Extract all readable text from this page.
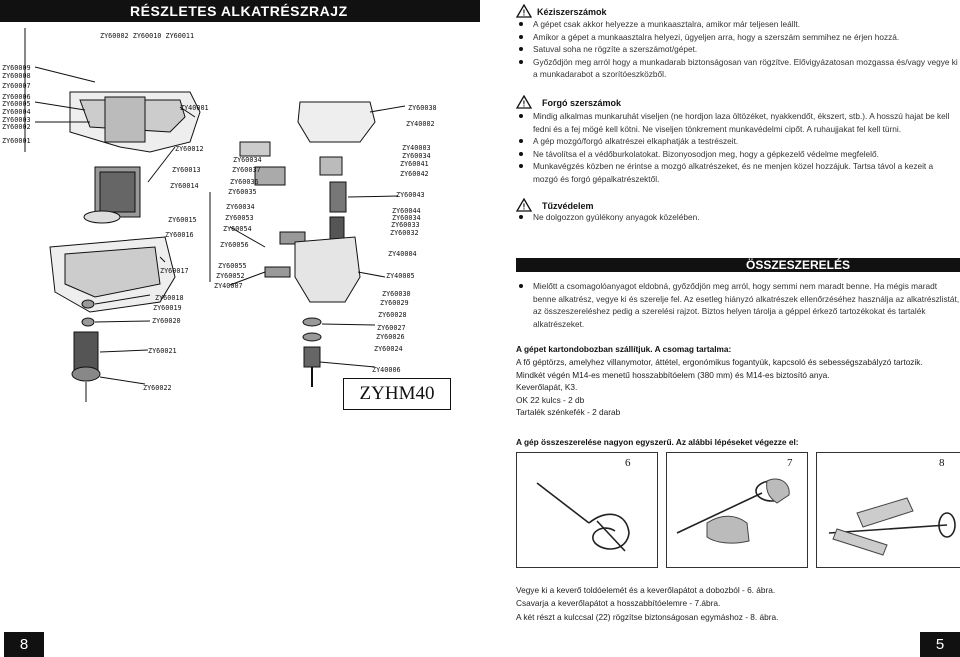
RÉSZLETES ALKATRÉSZRAJZ
ZY60002 ZY60010 ZY60011
ZY60009
ZY60008
ZY60007
ZY60006
ZY60005
ZY60004
ZY60003
ZY60002
ZY60001
ZY40001
ZY60012
ZY60013
ZY60014
ZY60015
ZY60016
ZY60017
ZY60018
ZY60019
ZY60020
ZY60021
ZY60022
ZY60034
ZY60037
ZY60036
ZY60035
ZY60034
ZY60053
ZY60054
ZY60056
ZY60055
ZY60052
ZY40007
ZY60038
ZY40002
ZY40003
ZY60034
ZY60041
ZY60042
ZY60043
ZY60044
ZY60034
ZY60033
ZY60032
ZY40004
ZY40005
ZY60030
ZY60029
ZY60028
ZY60027
ZY60026
ZY60024
ZY40006
ZYHM40
8
! Kéziszerszámok
A gépet csak akkor helyezze a munkaasztalra, amikor már teljesen leállt.
Amikor a gépet a munkaasztalra helyezi, ügyeljen arra, hogy a szerszám semmihez ne érjen hozzá.
Satuval soha ne rögzíte a szerszámot/gépet.
Győződjön meg arról hogy a munkadarab biztonságosan van rögzítve. Elővigyázatosan mozgassa és/vagy vegye ki a munkadarabot a szorítóeszközből.
! Forgó szerszámok
Mindig alkalmas munkaruhát viseljen (ne hordjon laza öltözéket, nyakkendőt, ékszert, stb.). A hosszú hajat be kell fedni és a fej mögé kell kötni. Ne viseljen tönkrement munkavédelmi cipőt. A ruhaujjakat fel kell türni.
A gép mozgó/forgó alkatrészei elkaphatják a testrészeit.
Ne távolítsa el a védőburkolatokat. Bizonyosodjon meg, hogy a gépkezelő védelme megfelelő.
Munkavégzés közben ne érintse a mozgó alkatrészeket, és ne menjen közel hozzájuk. Tartsa távol a kezeit a mozgó és forgó gépalkatrészektől.
! Tűzvédelem
Ne dolgozzon gyúlékony anyagok közelében.
ÖSSZESZERELÉS
Mielőtt a csomagolóanyagot eldobná, győződjön meg arról, hogy semmi nem maradt benne. Ha mégis maradt benne alkatrész, vegye ki és szerelje fel. Az esetleg hiányzó alkatrészek ellenőrzéséhez használja az alkatrészlistát, az összeszereléshez pedig a szerelési rajzot. Biztos helyen tárolja a géppel érkező tartozékokat és tartalék alkatrészeket.
A gépet kartondobozban szállítjuk. A csomag tartalma:
A fő géptörzs, amelyhez villanymotor, áttétel, ergonómikus fogantyúk, kapcsoló és sebességszabályzó tartozik.
Mindkét végén M14-es menetű hosszabbítóelem (380 mm) és M14-es biztosító anya.
Keverőlapát, K3.
OK 22 kulcs - 2 db
Tartalék szénkefék - 2 darab
A gép összeszerelése nagyon egyszerű. Az alábbi lépéseket végezze el:
6	7	8
Vegye ki a keverő toldóelemét és a keverőlapátot a dobozból - 6. ábra.
Csavarja a keverőlapátot a hosszabbítóelemre - 7.ábra.
A két részt a kulccsal (22) rögzítse biztonságosan egymáshoz - 8. ábra.
5
